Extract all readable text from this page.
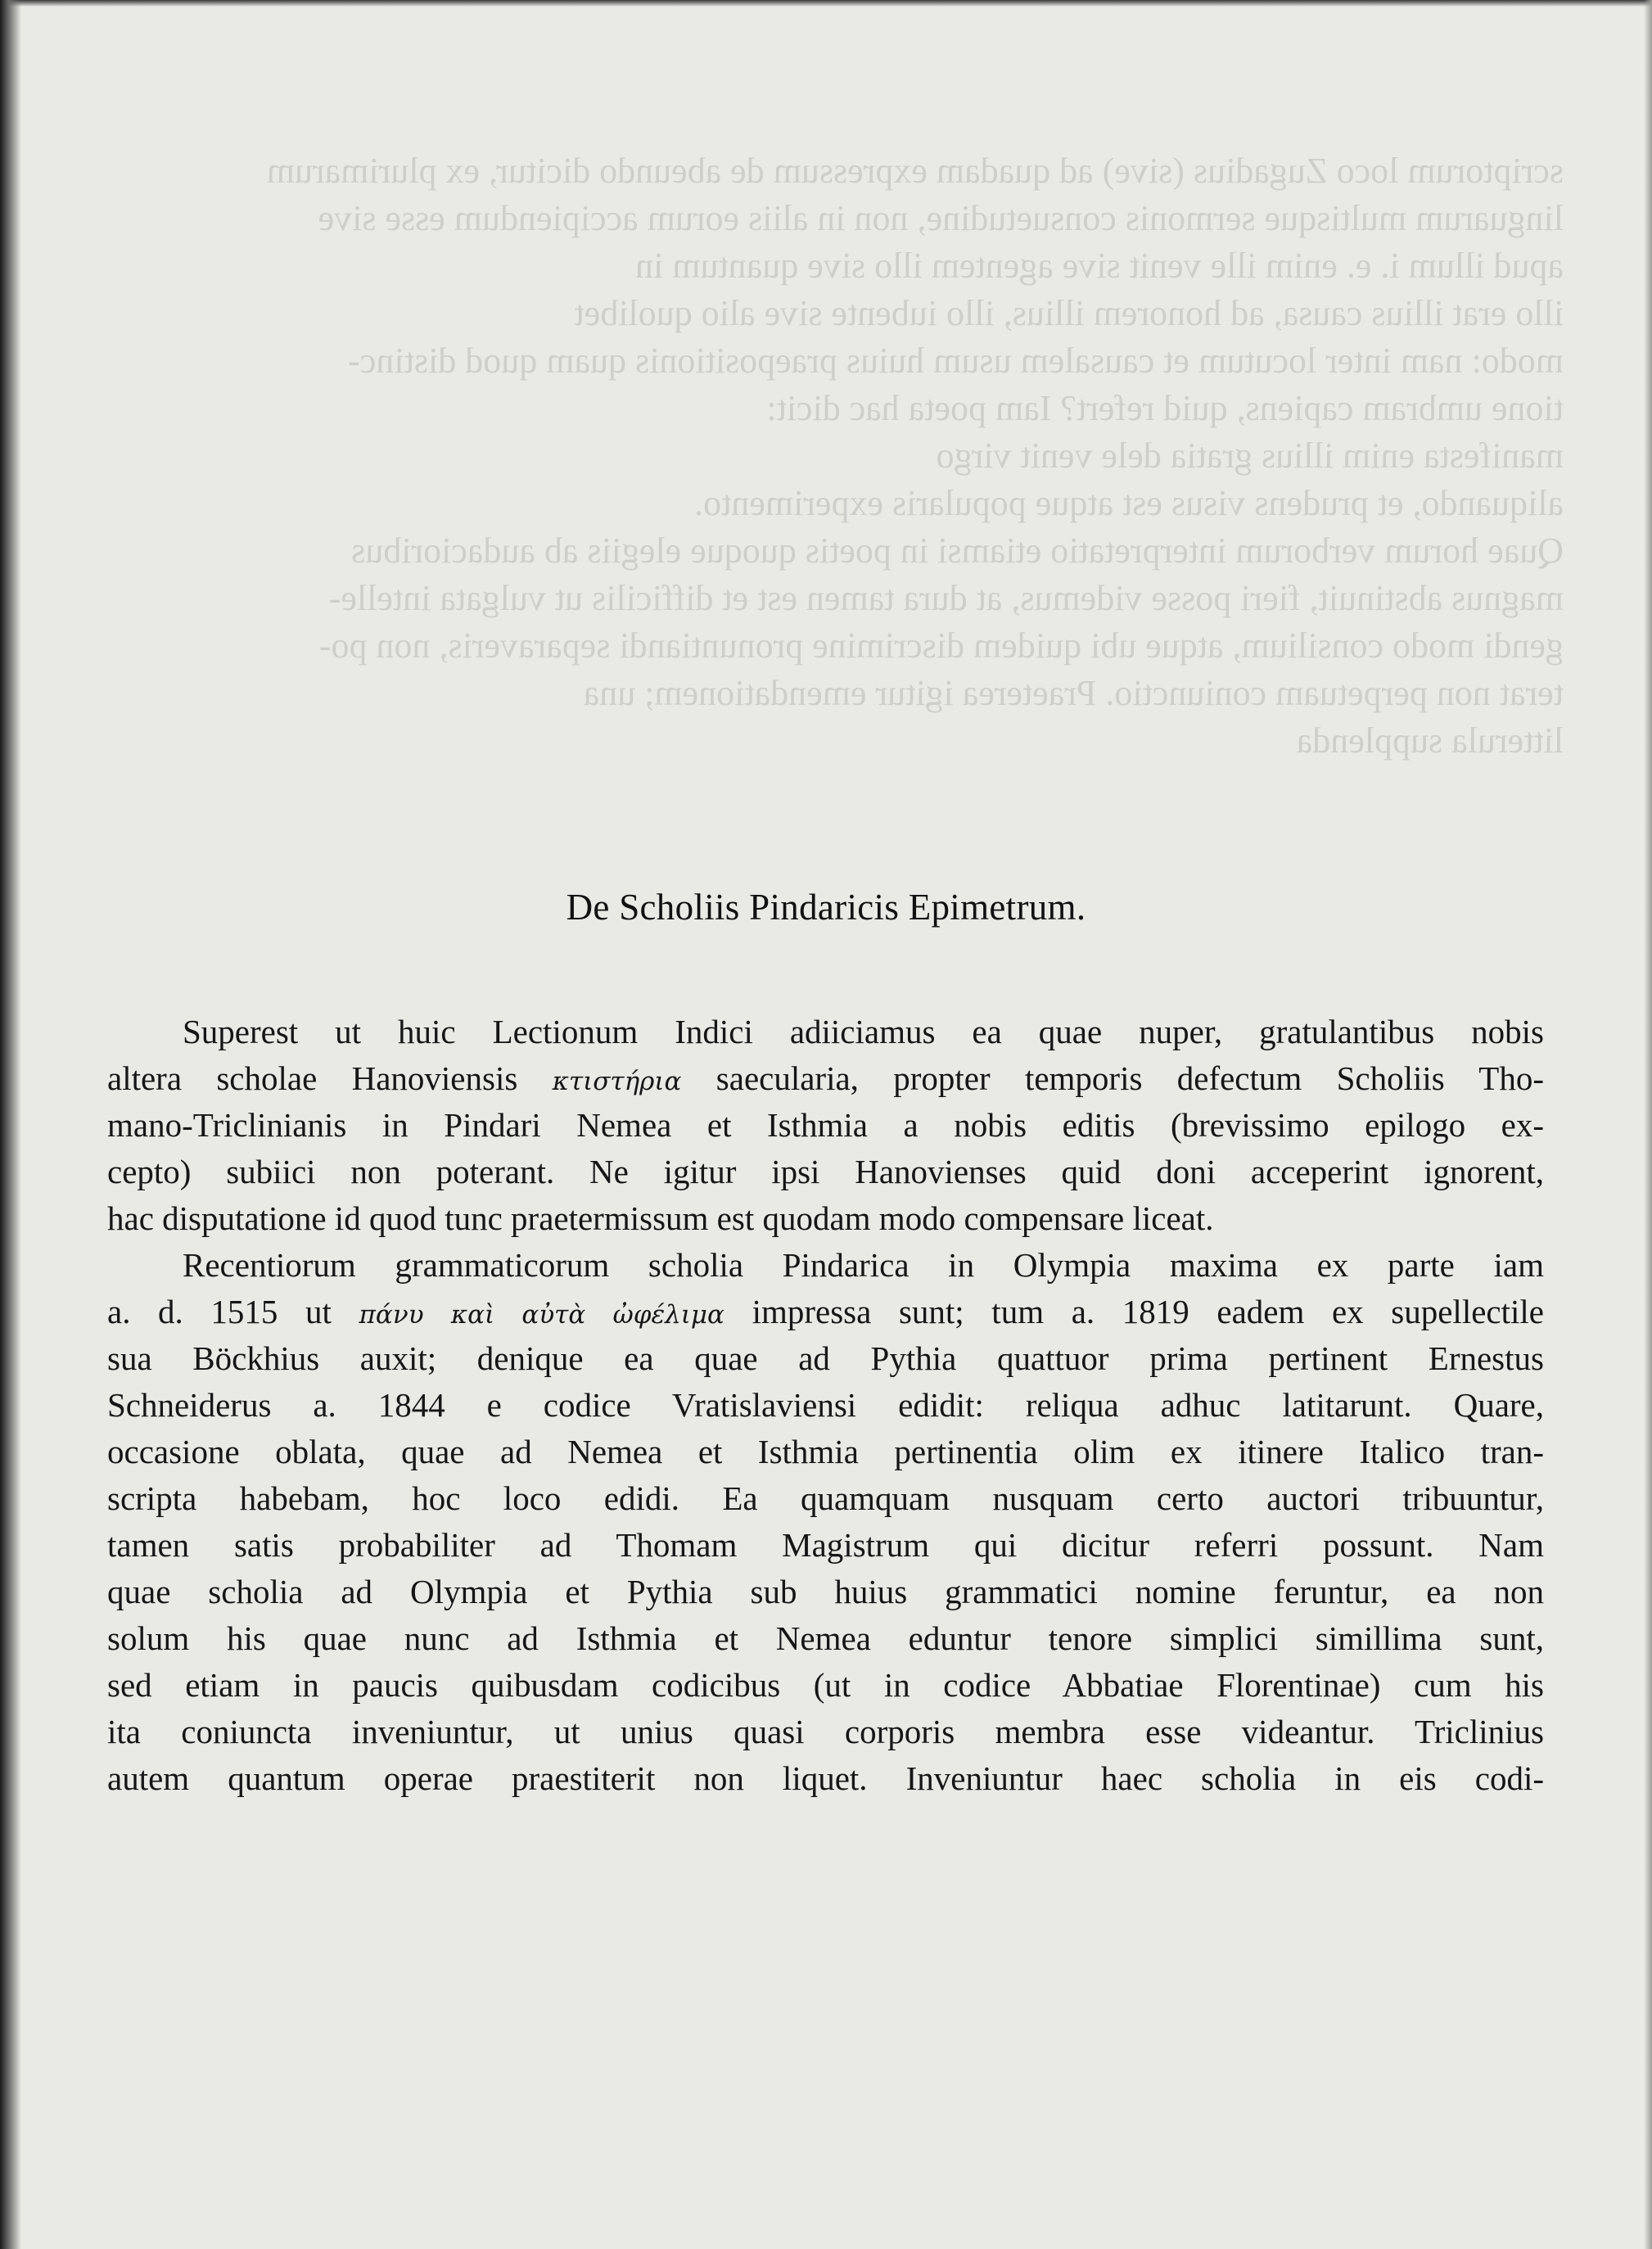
scriptorum loco Zugadius (sive) ad quadam expressum de abeundo dicitur, ex plurimarum
linguarum multisque sermonis consuetudine, non in aliis eorum accipiendum esse sive
apud illum i. e. enim ille venit sive agentem illo sive quantum in
illo erat illius causa, ad honorem illius, illo iubente sive alio quolibet
modo: nam inter locutum et causalem usum huius praepositionis quam quod distinc-
tione umbram capiens, quid refert? Iam poeta hac dicit:
manifesta enim illius gratia dele venit virgo
aliquando, et prudens visus est atque popularis experimento.
Quae horum verborum interpretatio etiamsi in poetis quoque elegiis ab audacioribus
magnus abstinuit, fieri posse videmus, at dura tamen est et difficilis ut vulgata intelle-
gendi modo consilium, atque ubi quidem discrimine pronuntiandi separaveris, non po-
terat non perpetuam coniunctio. Praeterea igitur emendationem; una
litterula supplenda
De Scholiis Pindaricis Epimetrum.
Superest ut huic Lectionum Indici adiiciamus ea quae nuper, gratulantibus nobis
altera scholae Hanoviensis κτιστήρια saecularia, propter temporis defectum Scholiis Tho-
mano-Triclinianis in Pindari Nemea et Isthmia a nobis editis (brevissimo epilogo ex-
cepto) subiici non poterant. Ne igitur ipsi Hanovienses quid doni acceperint ignorent,
hac disputatione id quod tunc praetermissum est quodam modo compensare liceat.
Recentiorum grammaticorum scholia Pindarica in Olympia maxima ex parte iam
a. d. 1515 ut πάνυ καὶ αὐτὰ ὠφέλιμα impressa sunt; tum a. 1819 eadem ex supellectile
sua Böckhius auxit; denique ea quae ad Pythia quattuor prima pertinent Ernestus
Schneiderus a. 1844 e codice Vratislaviensi edidit: reliqua adhuc latitarunt. Quare,
occasione oblata, quae ad Nemea et Isthmia pertinentia olim ex itinere Italico tran-
scripta habebam, hoc loco edidi. Ea quamquam nusquam certo auctori tribuuntur,
tamen satis probabiliter ad Thomam Magistrum qui dicitur referri possunt. Nam
quae scholia ad Olympia et Pythia sub huius grammatici nomine feruntur, ea non
solum his quae nunc ad Isthmia et Nemea eduntur tenore simplici simillima sunt,
sed etiam in paucis quibusdam codicibus (ut in codice Abbatiae Florentinae) cum his
ita coniuncta inveniuntur, ut unius quasi corporis membra esse videantur. Triclinius
autem quantum operae praestiterit non liquet. Inveniuntur haec scholia in eis codi-
